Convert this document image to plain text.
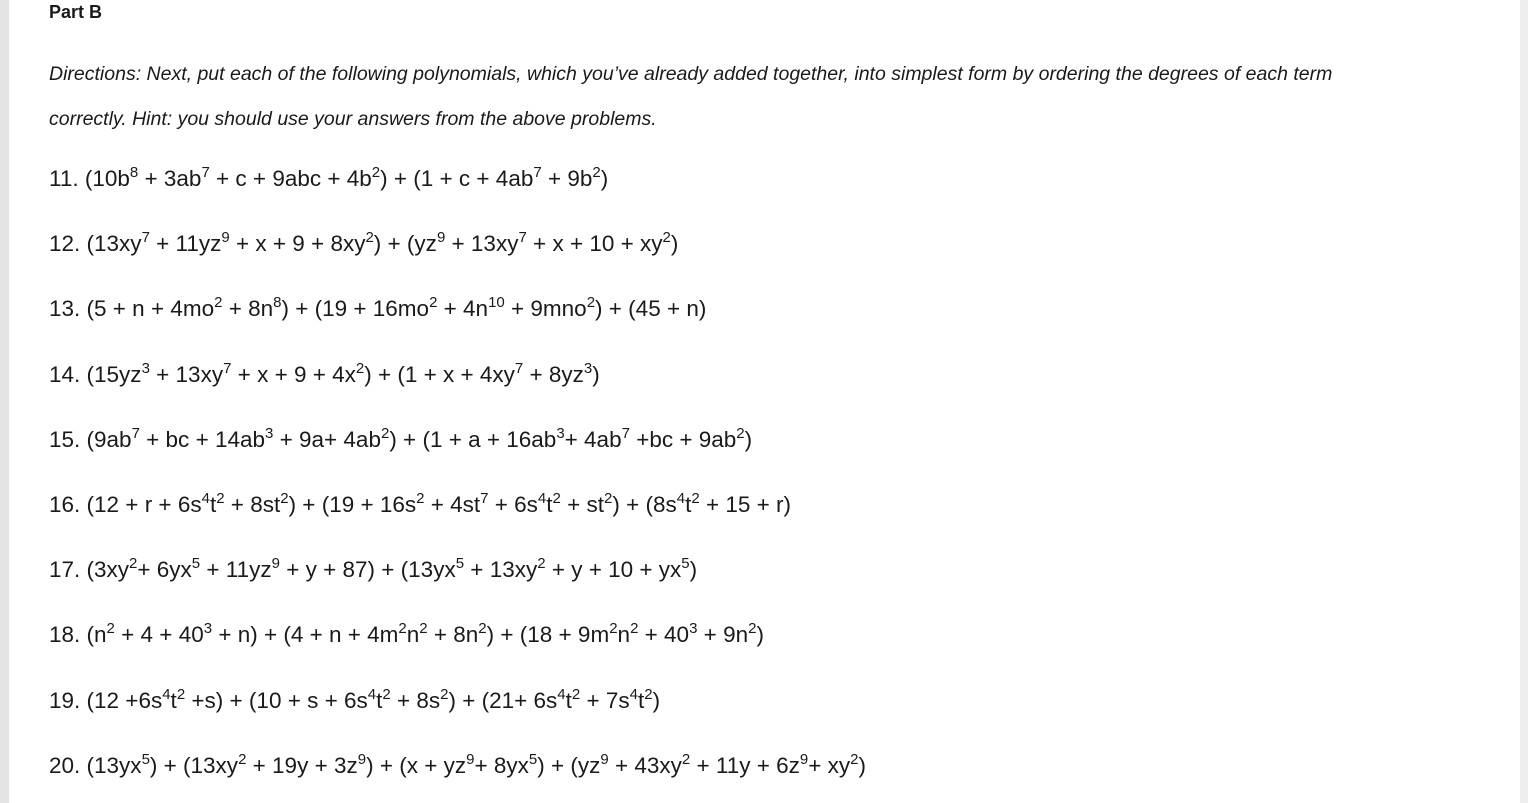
Part B

Directions: Next, put each of the following polynomials, which you’ve already added together, into simplest form by ordering the degrees of each term
correctly. Hint: you should use your answers from the above problems.

11. $(10b^8 + 3ab^7 + c + 9abc + 4b^2) + (1 + c + 4ab^7 + 9b^2)$
12. $(13xy^7 + 11yz^9 + x + 9 + 8xy^2) + (yz^9 + 13xy^7 + x + 10 + xy^2)$
13. $(5 + n + 4mo^2 + 8n^8) + (19 + 16mo^2 + 4n^{10} + 9mno^2) + (45 + n)$
14. $(15yz^3 + 13xy^7 + x + 9 + 4x^2) + (1 + x + 4xy^7 + 8yz^3)$
15. ($9ab^7$ + bc + $14ab^3 + 9a+ 4ab^2) + (1 + a + 16ab^3+ 4ab^7 +bc + 9ab^2)$
16. $(12 + r + 6s^4t^2 + 8st^2) + (19 + 16s^2 + 4st^7 + 6s^4t^2 + st^2) + (8s^4t^2 + 15 + r)$
17. $(3xy^2+ 6yx^5 + 11yz^9 + y + 87) + (13yx^5 + 13xy^2 + y + 10 + yx^5)$
18. $(n^2 + 4 + 40^3 + n) + (4 + n + 4m^2n^2 + 8n^2) + (18 + 9m^2n^2 + 40^3 + 9n^2)$
19. $(12 +6s^4t^2 +s) + (10 + s + 6s^4t^2 + 8s^2) + (21+ 6s^4t^2 + 7s^4t^2)$
20. $(13yx^5) + (13xy^2 + 19y + 3z^9) + (x + yz^9+ 8yx^5) + (yz^9 + 43xy^2 + 11y + 6z^9+ xy^2)$
